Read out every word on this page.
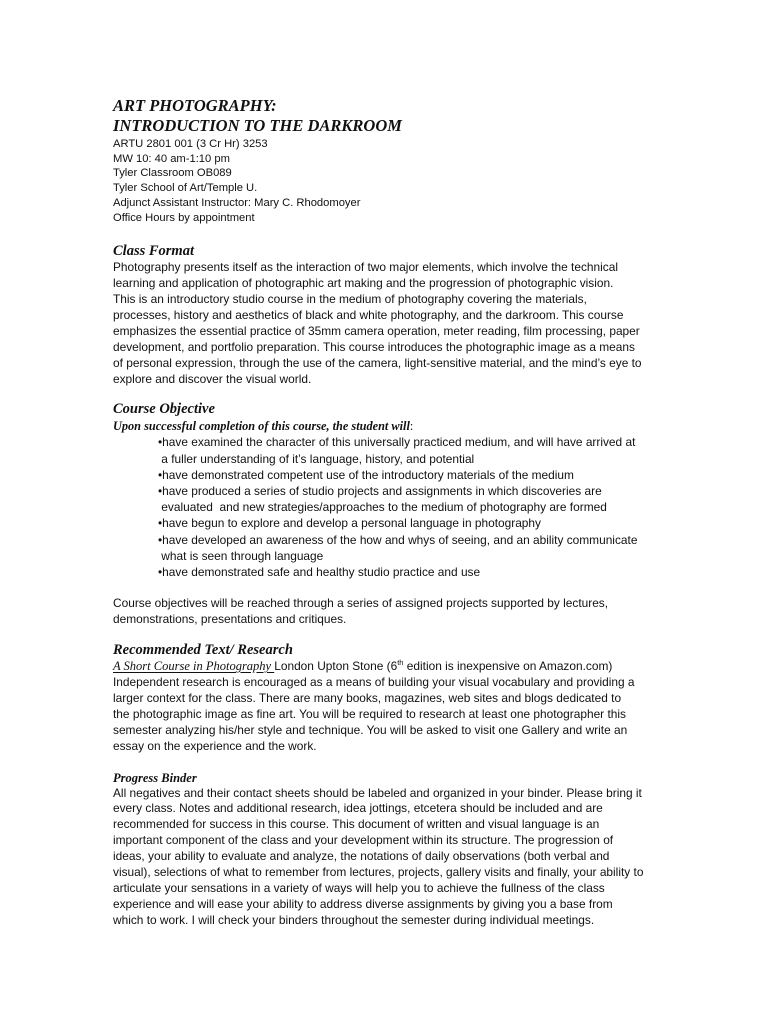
ART PHOTOGRAPHY:

INTRODUCTION TO THE DARKROOM

ARTU 2801 001 (3 Cr Hr) 3253
MW 10: 40 am-1:10 pm
Tyler Classroom OB089
Tyler School of Art/Temple U.
Adjunct Assistant Instructor: Mary C. Rhodomoyer
Office Hours by appointment

Class Format

Photography presents itself as the interaction of two major elements, which involve the technical
learning and application of photographic art making and the progression of photographic vision.
This is an introductory studio course in the medium of photography covering the materials,
processes, history and aesthetics of black and white photography, and the darkroom. This course
emphasizes the essential practice of 35mm camera operation, meter reading, film processing, paper
development, and portfolio preparation. This course introduces the photographic image as a means
of personal expression, through the use of the camera, light-sensitive material, and the mind’s eye to
explore and discover the visual world.

Course Objective

Upon successful completion of this course, the student will:

•have examined the character of this universally practiced medium, and will have arrived at
a fuller understanding of it’s language, history, and potential
•have demonstrated competent use of the introductory materials of the medium
•have produced a series of studio projects and assignments in which discoveries are
evaluated  and new strategies/approaches to the medium of photography are formed
•have begun to explore and develop a personal language in photography
•have developed an awareness of the how and whys of seeing, and an ability communicate
what is seen through language
•have demonstrated safe and healthy studio practice and use

Course objectives will be reached through a series of assigned projects supported by lectures,
demonstrations, presentations and critiques.

Recommended Text/ Research

A Short Course in Photography London Upton Stone (6th edition is inexpensive on Amazon.com)
Independent research is encouraged as a means of building your visual vocabulary and providing a
larger context for the class. There are many books, magazines, web sites and blogs dedicated to
the photographic image as fine art. You will be required to research at least one photographer this
semester analyzing his/her style and technique. You will be asked to visit one Gallery and write an
essay on the experience and the work.

Progress Binder

All negatives and their contact sheets should be labeled and organized in your binder. Please bring it
every class. Notes and additional research, idea jottings, etcetera should be included and are
recommended for success in this course. This document of written and visual language is an
important component of the class and your development within its structure. The progression of
ideas, your ability to evaluate and analyze, the notations of daily observations (both verbal and
visual), selections of what to remember from lectures, projects, gallery visits and finally, your ability to
articulate your sensations in a variety of ways will help you to achieve the fullness of the class
experience and will ease your ability to address diverse assignments by giving you a base from
which to work. I will check your binders throughout the semester during individual meetings.
